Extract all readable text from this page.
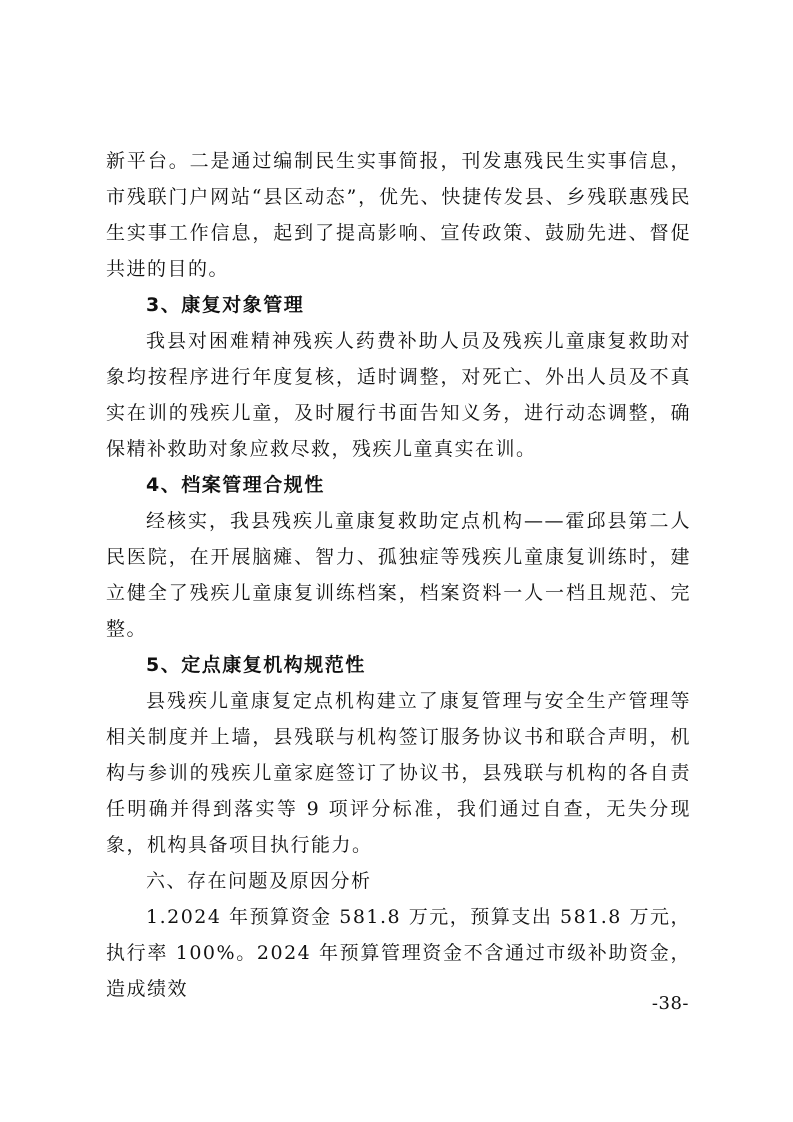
新平台。二是通过编制民生实事简报，刊发惠残民生实事信息，市残联门户网站“县区动态”，优先、快捷传发县、乡残联惠残民生实事工作信息，起到了提高影响、宣传政策、鼓励先进、督促共进的目的。

3、康复对象管理

我县对困难精神残疾人药费补助人员及残疾儿童康复救助对象均按程序进行年度复核，适时调整，对死亡、外出人员及不真实在训的残疾儿童，及时履行书面告知义务，进行动态调整，确保精补救助对象应救尽救，残疾儿童真实在训。

4、档案管理合规性

经核实，我县残疾儿童康复救助定点机构——霍邱县第二人民医院，在开展脑瘫、智力、孤独症等残疾儿童康复训练时，建立健全了残疾儿童康复训练档案，档案资料一人一档且规范、完整。

5、定点康复机构规范性

县残疾儿童康复定点机构建立了康复管理与安全生产管理等相关制度并上墙，县残联与机构签订服务协议书和联合声明，机构与参训的残疾儿童家庭签订了协议书，县残联与机构的各自责任明确并得到落实等 9 项评分标准，我们通过自查，无失分现象，机构具备项目执行能力。

六、存在问题及原因分析

1.2024 年预算资金 581.8 万元，预算支出 581.8 万元，执行率 100%。2024 年预算管理资金不含通过市级补助资金，造成绩效

-38-
